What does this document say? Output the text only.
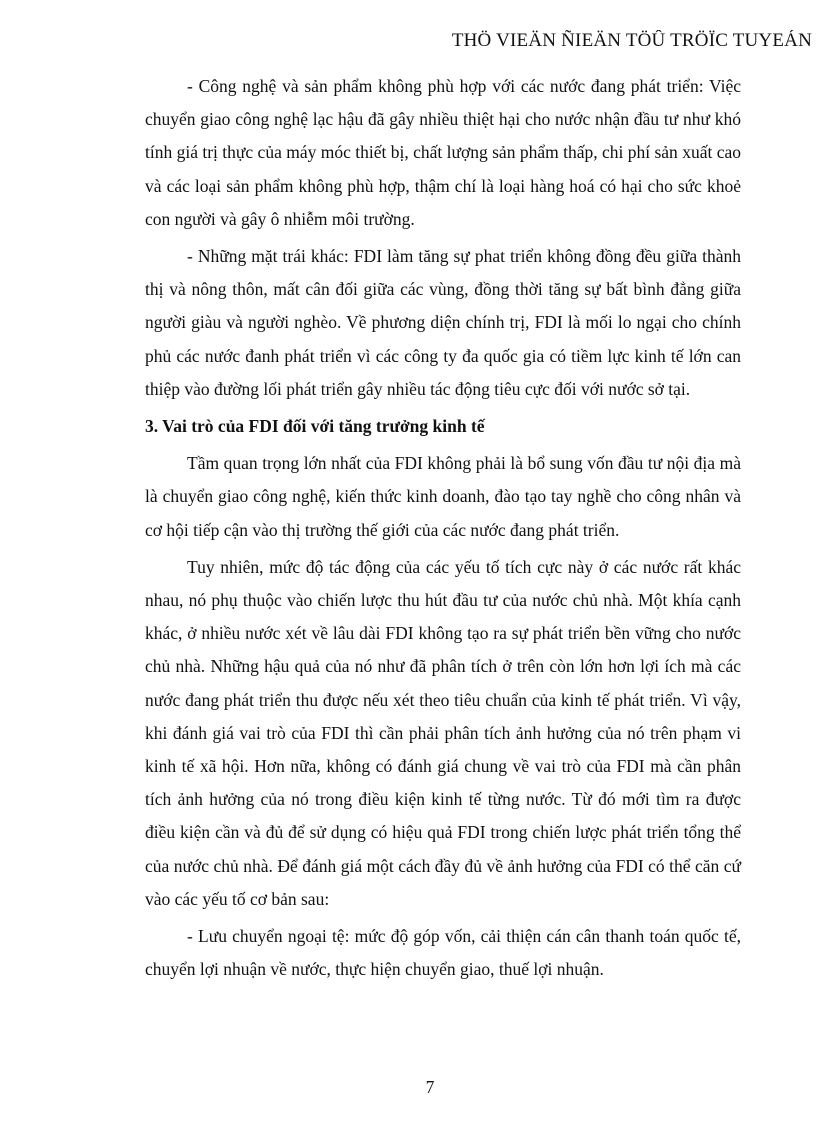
THÖ VIEÄN ÑIEÄN TÖÛ TRÖÏC TUYEÁN

- Công nghệ và sản phẩm không phù hợp với các nước đang phát triển: Việc chuyển giao công nghệ lạc hậu đã gây nhiều thiệt hại cho nước nhận đầu tư như khó tính giá trị thực của máy móc thiết bị, chất lượng sản phẩm thấp, chi phí sản xuất cao và các loại sản phẩm không phù hợp, thậm chí là loại hàng hoá có hại cho sức khoẻ con người và gây ô nhiễm môi trường.

- Những mặt trái khác: FDI làm tăng sự phat triển không đồng đều giữa thành thị và nông thôn, mất cân đối giữa các vùng, đồng thời tăng sự bất bình đẳng giữa người giàu và người nghèo. Về phương diện chính trị, FDI là mối lo ngại cho chính phủ các nước đanh phát triển vì các công ty đa quốc gia có tiềm lực kinh tế lớn can thiệp vào đường lối phát triển gây nhiều tác động tiêu cực đối với nước sở tại.

3. Vai trò của FDI đối với tăng trưởng kinh tế

Tầm quan trọng lớn nhất của FDI không phải là bổ sung vốn đầu tư nội địa mà là chuyển giao công nghệ, kiến thức kinh doanh, đào tạo tay nghề cho công nhân và cơ hội tiếp cận vào thị trường thế giới của các nước đang phát triển.

Tuy nhiên, mức độ tác động của các yếu tố tích cực này ở các nước rất khác nhau, nó phụ thuộc vào chiến lược thu hút đầu tư của nước chủ nhà. Một khía cạnh khác, ở nhiều nước xét về lâu dài FDI không tạo ra sự phát triển bền vững cho nước chủ nhà. Những hậu quả của nó như đã phân tích ở trên còn lớn hơn lợi ích mà các nước đang phát triển thu được nếu xét theo tiêu chuẩn của kinh tế phát triển. Vì vậy, khi đánh giá vai trò của FDI thì cần phải phân tích ảnh hưởng của nó trên phạm vi kinh tế xã hội. Hơn nữa, không có đánh giá chung về vai trò của FDI mà cần phân tích ảnh hưởng của nó trong điều kiện kinh tế từng nước. Từ đó mới tìm ra được điều kiện cần và đủ để sử dụng có hiệu quả FDI trong chiến lược phát triển tổng thể của nước chủ nhà. Để đánh giá một cách đầy đủ về ảnh hưởng của FDI có thể căn cứ vào các yếu tố cơ bản sau:

- Lưu chuyển ngoại tệ: mức độ góp vốn, cải thiện cán cân thanh toán quốc tế, chuyển lợi nhuận về nước, thực hiện chuyển giao, thuế lợi nhuận.

7
